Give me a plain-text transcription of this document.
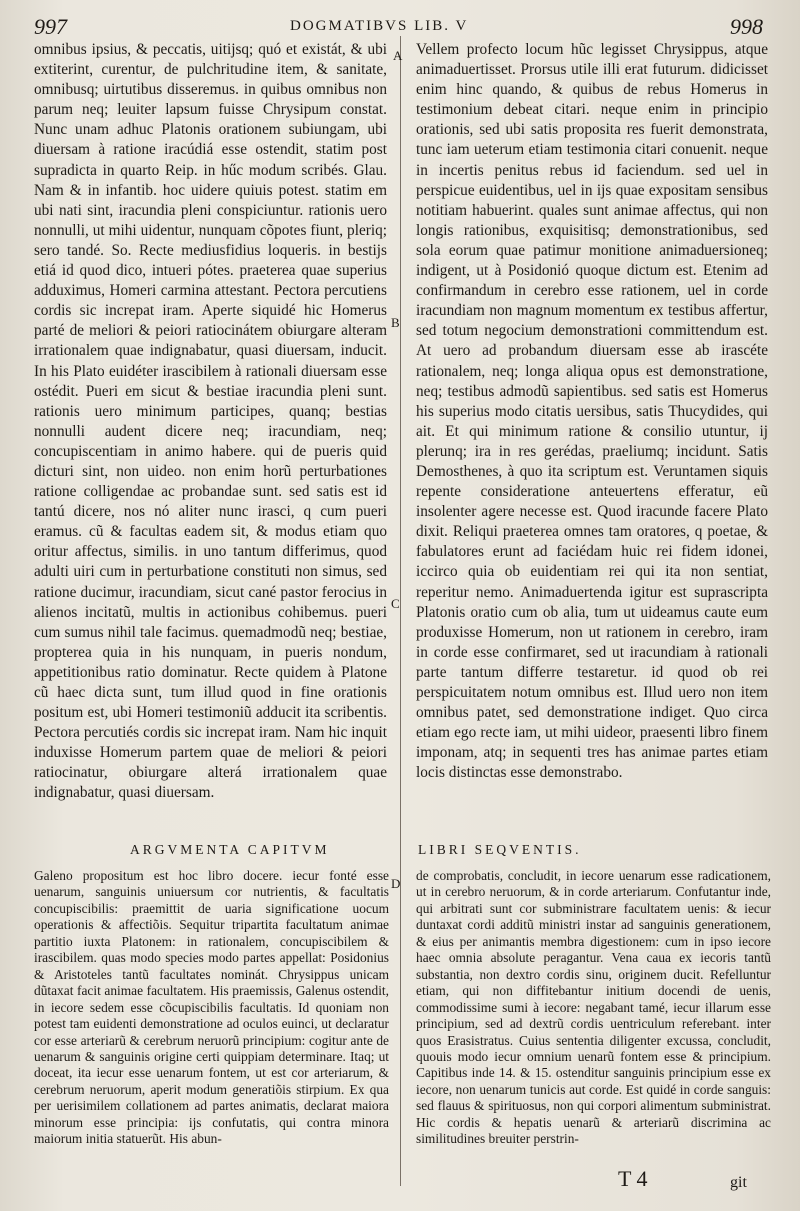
997	DOGMATIBVS LIB. V	998
A
B
C
D

omnibus ipsius, & peccatis, uitijsq; quó et existát, & ubi extiterint, curentur, de pulchritudine item, & sanitate, omnibusq; uirtutibus disseremus. in quibus omnibus non parum neq; leuiter lapsum fuisse Chrysipum constat. Nunc unam adhuc Platonis orationem subiungam, ubi diuersam à ratione iracúdiá esse ostendit, statim post supradicta in quarto Reip. in hűc modum scribés. Glau. Nam & in infantib. hoc uidere quiuis potest. statim em ubi nati sint, iracundia pleni conspiciuntur. rationis uero nonnulli, ut mihi uidentur, nunquam cõpotes fiunt, pleriq; sero tandé. So. Recte mediusfidius loqueris. in bestijs etiá id quod dico, intueri pótes. praeterea quae superius adduximus, Homeri carmina attestant. Pectora percutiens cordis sic increpat iram. Aperte siquidé hic Homerus parté de meliori & peiori ratiocinátem obiurgare alteram irrationalem quae indignabatur, quasi diuersam, inducit. In his Plato euidéter irascibilem à rationali diuersam esse ostédit. Pueri em sicut & bestiae iracundia pleni sunt. rationis uero minimum participes, quanq; bestias nonnulli audent dicere neq; iracundiam, neq; concupiscentiam in animo habere. qui de pueris quid dicturi sint, non uideo. non enim horũ perturbationes ratione colligendae ac probandae sunt. sed satis est id tantú dicere, nos nó aliter nunc irasci, q cum pueri eramus. cũ & facultas eadem sit, & modus etiam quo oritur affectus, similis. in uno tantum differimus, quod adulti uiri cum in perturbatione constituti non simus, sed ratione ducimur, iracundiam, sicut cané pastor ferocius in alienos incitatũ, multis in actionibus cohibemus. pueri cum sumus nihil tale facimus. quemadmodũ neq; bestiae, propterea quia in his nunquam, in pueris nondum, appetitionibus ratio dominatur. Recte quidem à Platone cũ haec dicta sunt, tum illud quod in fine orationis positum est, ubi Homeri testimoniũ adducit ita scribentis. Pectora percutiés cordis sic increpat iram. Nam hic inquit induxisse Homerum partem quae de meliori & peiori ratiocinatur, obiurgare alterá irrationalem quae indignabatur, quasi diuersam.

Vellem profecto locum hũc legisset Chrysippus, atque animaduertisset. Prorsus utile illi erat futurum. didicisset enim hinc quando, & quibus de rebus Homerus in testimonium debeat citari. neque enim in principio orationis, sed ubi satis proposita res fuerit demonstrata, tunc iam ueterum etiam testimonia citari conuenit. neque in incertis penitus rebus id faciendum. sed uel in perspicue euidentibus, uel in ijs quae expositam sensibus notitiam habuerint. quales sunt animae affectus, qui non longis rationibus, exquisitisq; demonstrationibus, sed sola eorum quae patimur monitione animaduersioneq; indigent, ut à Posidonió quoque dictum est. Etenim ad confirmandum in cerebro esse rationem, uel in corde iracundiam non magnum momentum ex testibus affertur, sed totum negocium demonstrationi committendum est. At uero ad probandum diuersam esse ab irascéte rationalem, neq; longa aliqua opus est demonstratione, neq; testibus admodũ sapientibus. sed satis est Homerus his superius modo citatis uersibus, satis Thucydides, qui ait. Et qui minimum ratione & consilio utuntur, ij plerunq; ira in res gerédas, praeliumq; incidunt. Satis Demosthenes, à quo ita scriptum est. Veruntamen siquis repente consideratione anteuertens efferatur, eũ insolenter agere necesse est. Quod iracunde facere Plato dixit. Reliqui praeterea omnes tam oratores, q poetae, & fabulatores erunt ad faciédam huic rei fidem idonei, iccirco quia ob euidentiam rei qui ita non sentiat, reperitur nemo. Animaduertenda igitur est suprascripta Platonis oratio cum ob alia, tum ut uideamus caute eum produxisse Homerum, non ut rationem in cerebro, iram in corde esse confirmaret, sed ut iracundiam à rationali parte tantum differre testaretur. id quod ob rei perspicuitatem notum omnibus est. Illud uero non item omnibus patet, sed demonstratione indiget. Quo circa etiam ego recte iam, ut mihi uideor, praesenti libro finem imponam, atq; in sequenti tres has animae partes etiam locis distinctas esse demonstrabo.

ARGVMENTA CAPITVM	LIBRI SEQVENTIS.

Galeno propositum est hoc libro docere. iecur fonté esse uenarum, sanguinis uniuersum cor nutrientis, & facultatis concupiscibilis: praemittit de uaria significatione uocum operationis & affectiõis. Sequitur tripartita facultatum animae partitio iuxta Platonem: in rationalem, concupiscibilem & irascibilem. quas modo species modo partes appellat: Posidonius & Aristoteles tantũ facultates nominát. Chrysippus unicam dũtaxat facit animae facultatem. His praemissis, Galenus ostendit, in iecore sedem esse cõcupiscibilis facultatis. Id quoniam non potest tam euidenti demonstratione ad oculos euinci, ut declaratur cor esse arteriarũ & cerebrum neruorũ principium: cogitur ante de uenarum & sanguinis origine certi quippiam determinare. Itaq; ut doceat, ita iecur esse uenarum fontem, ut est cor arteriarum, & cerebrum neruorum, aperit modum generatiõis stirpium. Ex qua per uerisimilem collationem ad partes animatis, declarat maiora minorum esse principia: ijs confutatis, qui contra minora maiorum initia statuerũt. His abun-

de comprobatis, concludit, in iecore uenarum esse radicationem, ut in cerebro neruorum, & in corde arteriarum. Confutantur inde, qui arbitrati sunt cor subministrare facultatem uenis: & iecur duntaxat cordi additũ ministri instar ad sanguinis generationem, & eius per animantis membra digestionem: cum in ipso iecore haec omnia absolute peragantur. Vena caua ex iecoris tantũ substantia, non dextro cordis sinu, originem ducit. Refelluntur etiam, qui non diffitebantur initium docendi de uenis, commodissime sumi à iecore: negabant tamé, iecur illarum esse principium, sed ad dextrũ cordis uentriculum referebant. inter quos Erasistratus. Cuius sententia diligenter excussa, concludit, quouis modo iecur omnium uenarũ fontem esse & principium. Capitibus inde 14. & 15. ostenditur sanguinis principium esse ex iecore, non uenarum tunicis aut corde. Est quidé in corde sanguis: sed flauus & spirituosus, non qui corpori alimentum subministrat. Hic cordis & hepatis uenarũ & arteriarũ discrimina ac similitudines breuiter perstrin-

T 4	git
